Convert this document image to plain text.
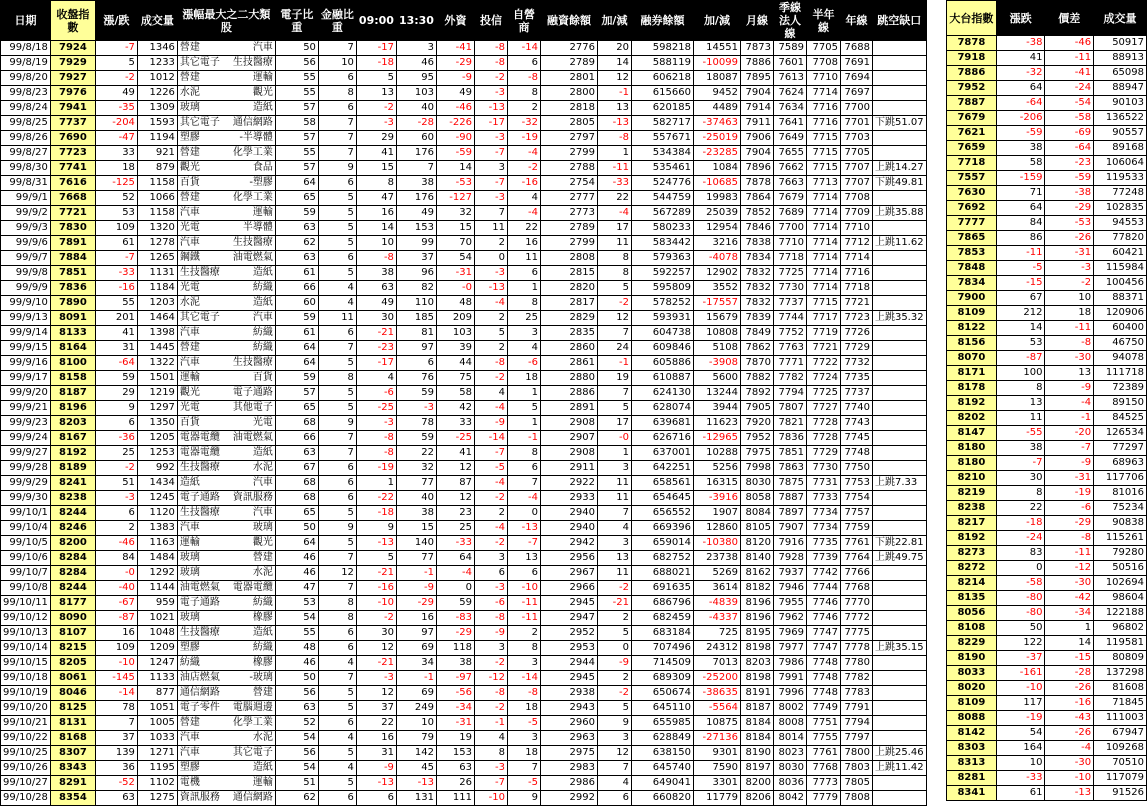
日期	收盤指數	漲/跌	成交量	漲幅最大之二大類股	電子比重	金融比重	09:00	13:30	外資	投信	自營商	融資餘額	加/減	融券餘額	加/減	月線	季線法人線	半年線	年線	跳空缺口
99/8/18	7924	-7	1346	營建 汽車	50	7	-17	3	-41	-8	-14	2776	20	598218	14551	7873	7589	7705	7688	
99/8/19	7929	5	1233	其它電子 生技醫療	56	10	-18	46	-29	-8	6	2789	14	588119	-10099	7886	7601	7708	7691	
99/8/20	7927	-2	1012	營建 運輸	55	6	5	95	-9	-2	-8	2801	12	606218	18087	7895	7613	7710	7694	
99/8/23	7976	49	1226	水泥 觀光	55	8	13	103	49	-3	8	2800	-1	615660	9452	7904	7624	7714	7697	
99/8/24	7941	-35	1309	玻璃 造紙	57	6	-2	40	-46	-13	2	2818	13	620185	4489	7914	7634	7716	7700	
99/8/25	7737	-204	1593	其它電子 通信網路	58	7	-3	-28	-226	-17	-32	2805	-13	582717	-37463	7911	7641	7716	7701	下跳51.07
99/8/26	7690	-47	1194	塑膠 -半導體	57	7	29	60	-90	-3	-19	2797	-8	557671	-25019	7906	7649	7715	7703	
99/8/27	7723	33	921	營建 化學工業	55	7	41	176	-59	-7	-4	2799	1	534384	-23285	7904	7655	7715	7705	
99/8/30	7741	18	879	觀光 食品	57	9	15	7	14	3	-2	2788	-11	535461	1084	7896	7662	7715	7707	上跳14.27
99/8/31	7616	-125	1158	百貨 -塑膠	64	6	8	38	-53	-7	-16	2754	-33	524776	-10685	7878	7663	7713	7707	下跳49.81
99/9/1	7668	52	1066	營建 化學工業	65	5	47	176	-127	-3	4	2777	22	544759	19983	7864	7679	7714	7708	
99/9/2	7721	53	1158	汽車 運輸	59	5	16	49	32	7	-4	2773	-4	567289	25039	7852	7689	7714	7709	上跳35.88
99/9/3	7830	109	1320	光電 半導體	63	5	14	153	15	11	22	2789	17	580233	12954	7846	7700	7714	7710	
99/9/6	7891	61	1278	汽車 生技醫療	62	5	10	99	70	2	16	2799	11	583442	3216	7838	7710	7714	7712	上跳11.62
99/9/7	7884	-7	1265	鋼鐵 油電燃氣	63	6	-8	37	54	0	11	2808	8	579363	-4078	7834	7718	7714	7714	
99/9/8	7851	-33	1131	生技醫療 造紙	61	5	38	96	-31	-3	6	2815	8	592257	12902	7832	7725	7714	7716	
99/9/9	7836	-16	1184	光電 紡織	66	4	63	82	-0	-13	1	2820	5	595809	3552	7832	7730	7714	7718	
99/9/10	7890	55	1203	水泥 造紙	60	4	49	110	48	-4	8	2817	-2	578252	-17557	7832	7737	7715	7721	
99/9/13	8091	201	1464	其它電子 汽車	59	11	30	185	209	2	25	2829	12	593931	15679	7839	7744	7717	7723	上跳35.32
99/9/14	8133	41	1398	汽車 紡織	61	6	-21	81	103	5	3	2835	7	604738	10808	7849	7752	7719	7726	
99/9/15	8164	31	1445	營建 紡織	64	7	-23	97	39	2	4	2860	24	609846	5108	7862	7763	7721	7729	
99/9/16	8100	-64	1322	汽車 生技醫療	64	5	-17	6	44	-8	-6	2861	-1	605886	-3908	7870	7771	7722	7732	
99/9/17	8158	59	1501	運輸 百貨	59	8	4	76	75	-2	18	2880	19	610887	5600	7882	7782	7724	7735	
99/9/20	8187	29	1219	觀光 電子通路	57	5	-6	59	58	4	1	2886	7	624130	13244	7892	7794	7725	7737	
99/9/21	8196	9	1297	光電 其他電子	65	5	-25	-3	42	-4	5	2891	5	628074	3944	7905	7807	7727	7740	
99/9/23	8203	6	1350	百貨 光電	68	9	-3	78	33	-9	1	2908	17	639681	11623	7920	7821	7728	7743	
99/9/24	8167	-36	1205	電器電纜 油電燃氣	66	7	-8	59	-25	-14	-1	2907	-0	626716	-12965	7952	7836	7728	7745	
99/9/27	8192	25	1253	電器電纜 造紙	63	7	-8	22	41	-7	8	2908	1	637001	10288	7975	7851	7729	7748	
99/9/28	8189	-2	992	生技醫療 水泥	67	6	-19	32	12	-5	6	2911	3	642251	5256	7998	7863	7730	7750	
99/9/29	8241	51	1434	造紙 汽車	68	6	1	77	87	-4	7	2922	11	658561	16315	8030	7875	7731	7753	上跳7.33
99/9/30	8238	-3	1245	電子通路 資訊服務	68	6	-22	40	12	-2	-4	2933	11	654645	-3916	8058	7887	7733	7754	
99/10/1	8244	6	1120	生技醫療 汽車	65	5	-18	38	23	2	0	2940	7	656552	1907	8084	7897	7734	7757	
99/10/4	8246	2	1383	汽車 玻璃	50	9	9	15	25	-4	-13	2940	4	669396	12860	8105	7907	7734	7759	
99/10/5	8200	-46	1163	運輸 觀光	64	5	-13	140	-33	-2	-7	2942	3	659014	-10380	8120	7916	7735	7761	下跳22.81
99/10/6	8284	84	1484	玻璃 營建	46	7	5	77	64	3	13	2956	13	682752	23738	8140	7928	7739	7764	上跳49.75
99/10/7	8284	-0	1292	玻璃 水泥	46	12	-21	-1	-4	6	6	2967	11	688021	5269	8162	7937	7742	7766	
99/10/8	8244	-40	1144	油電燃氣 電器電纜	47	7	-16	-9	0	-3	-10	2966	-2	691635	3614	8182	7946	7744	7768	
99/10/11	8177	-67	959	電子通路 紡織	53	8	-10	-29	59	-6	-11	2945	-21	686796	-4839	8196	7955	7746	7770	
99/10/12	8090	-87	1021	玻璃 橡膠	54	8	-2	16	-83	-8	-11	2947	2	682459	-4337	8196	7962	7746	7772	
99/10/13	8107	16	1048	生技醫療 造紙	55	6	30	97	-29	-9	2	2952	5	683184	725	8195	7969	7747	7775	
99/10/14	8215	109	1209	塑膠 紡織	48	6	12	69	118	3	8	2953	0	707496	24312	8198	7977	7747	7778	上跳35.15
99/10/15	8205	-10	1247	紡織 橡膠	46	4	-21	34	38	-2	3	2944	-9	714509	7013	8203	7986	7748	7780	
99/10/18	8061	-145	1133	油店燃氣 -玻璃	50	7	-3	-1	-97	-12	-14	2945	2	689309	-25200	8198	7991	7748	7782	
99/10/19	8046	-14	877	通信網路 營建	56	5	12	69	-56	-8	-8	2938	-2	650674	-38635	8191	7996	7748	7783	
99/10/20	8125	78	1051	電子零件 電腦週邊	63	5	37	249	-34	-2	18	2943	5	645110	-5564	8187	8002	7749	7791	
99/10/21	8131	7	1005	營建 化學工業	52	6	22	10	-31	-1	-5	2960	9	655985	10875	8184	8008	7751	7794	
99/10/22	8168	37	1033	汽車 水泥	54	4	16	79	19	4	3	2963	3	628849	-27136	8184	8014	7755	7797	
99/10/25	8307	139	1271	汽車 其它電子	56	5	31	142	153	8	18	2975	12	638150	9301	8190	8023	7761	7800	上跳25.46
99/10/26	8343	36	1195	塑膠 造紙	54	4	-9	45	63	-3	7	2983	7	645740	7590	8197	8030	7768	7803	上跳11.42
99/10/27	8291	-52	1102	電機 運輸	51	5	-13	-13	26	-7	-5	2986	4	649041	3301	8200	8036	7773	7805	
99/10/28	8354	63	1275	資訊服務 通信網路	62	6	6	131	111	-10	9	2992	6	660820	11779	8206	8042	7779	7808	
大台指數	漲跌	價差	成交量
7878	-38	-46	50917
7918	41	-11	88913
7886	-32	-41	65098
7952	64	-24	88947
7887	-64	-54	90103
7679	-206	-58	136522
7621	-59	-69	90557
7659	38	-64	89168
7718	58	-23	106064
7557	-159	-59	119533
7630	71	-38	77248
7692	64	-29	102835
7777	84	-53	94553
7865	86	-26	77820
7853	-11	-31	60421
7848	-5	-3	115984
7834	-15	-2	100456
7900	67	10	88371
8109	212	18	120906
8122	14	-11	60400
8156	53	-8	46750
8070	-87	-30	94078
8171	100	13	111718
8178	8	-9	72389
8192	13	-4	89150
8202	11	-1	84525
8147	-55	-20	126534
8180	38	-7	77297
8180	-7	-9	68963
8210	30	-31	117706
8219	8	-19	81016
8238	22	-6	75234
8217	-18	-29	90838
8192	-24	-8	115261
8273	83	-11	79280
8272	0	-12	50516
8214	-58	-30	102694
8135	-80	-42	98604
8056	-80	-34	122188
8108	50	1	96802
8229	122	14	119581
8190	-37	-15	80809
8033	-161	-28	137298
8020	-10	-26	81608
8109	117	-16	71845
8088	-19	-43	111003
8142	54	-26	67947
8303	164	-4	109268
8313	10	-30	70510
8281	-33	-10	117079
8341	61	-13	91526
